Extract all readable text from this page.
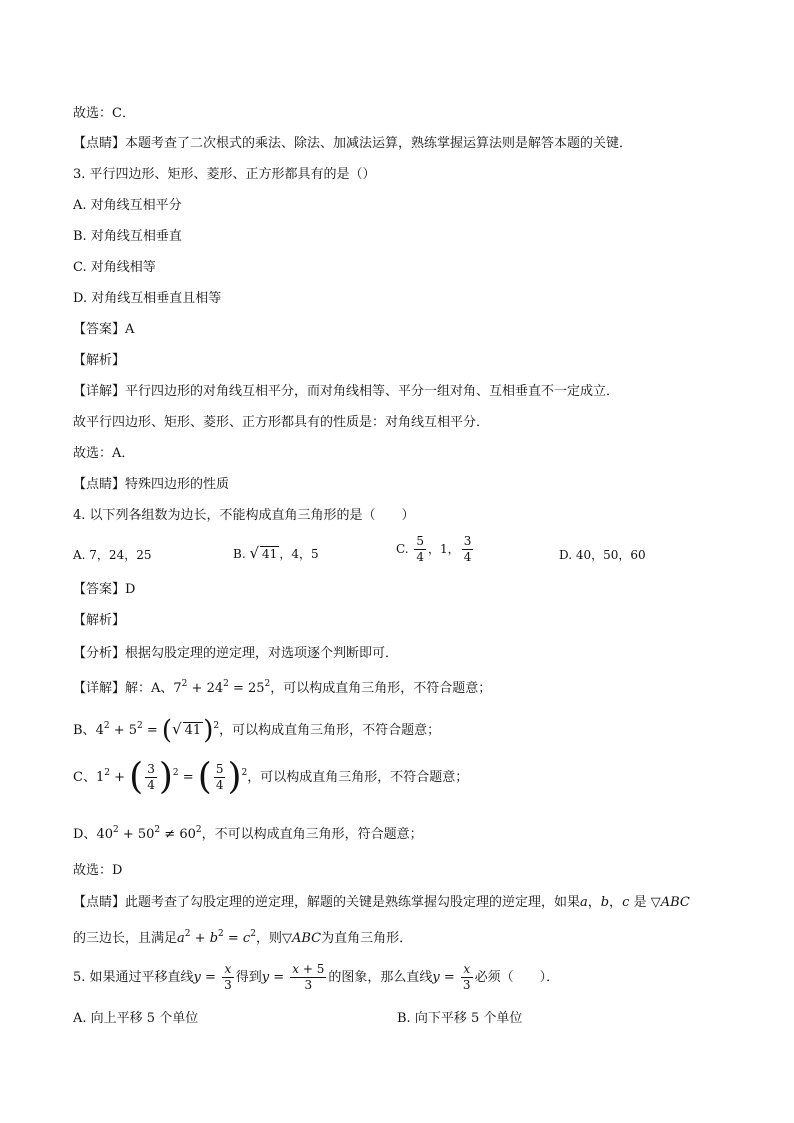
故选：C．
【点睛】本题考查了二次根式的乘法、除法、加减法运算，熟练掌握运算法则是解答本题的关键．
3. 平行四边形、矩形、菱形、正方形都具有的是（）
A. 对角线互相平分
B. 对角线互相垂直
C. 对角线相等
D. 对角线互相垂直且相等
【答案】A
【解析】
【详解】平行四边形的对角线互相平分，而对角线相等、平分一组对角、互相垂直不一定成立．
故平行四边形、矩形、菱形、正方形都具有的性质是：对角线互相平分．
故选：A．
【点睛】特殊四边形的性质
4. 以下列各组数为边长，不能构成直角三角形的是（　　）
A. 7，24，25	B. √ 41 ，4，5	C. $\frac{5}{4}$ ，1， $\frac{3}{4}$	D. 40，50，60
【答案】D
【解析】
【分析】根据勾股定理的逆定理，对选项逐个判断即可．
【详解】解：A、$7^2 + 24^2 = 25^2$，可以构成直角三角形，不符合题意；
B、$4^2 + 5^2$ = (√ 41)$^2$，可以构成直角三角形，不符合题意；
C、$1^2$ + ( $\frac{3}{4} )^2$ = ( $\frac{5}{4} )^2$，可以构成直角三角形，不符合题意；
D、$40^2 + 50^2 \ne 60^2$，不可以构成直角三角形，符合题意；
故选：D
【点睛】此题考查了勾股定理的逆定理，解题的关键是熟练掌握勾股定理的逆定理，如果a，b，c 是 ▽ABC
的三边长，且满足$a^2 + b^2 = c^2$，则▽ABC为直角三角形．
5. 如果通过平移直线$y = \frac{x}{3}$ 得到$y = \frac{x + 5}{3}$ 的图象，那么直线$y = \frac{x}{3}$ 必须（　　）．
A. 向上平移 5 个单位	B. 向下平移 5 个单位
